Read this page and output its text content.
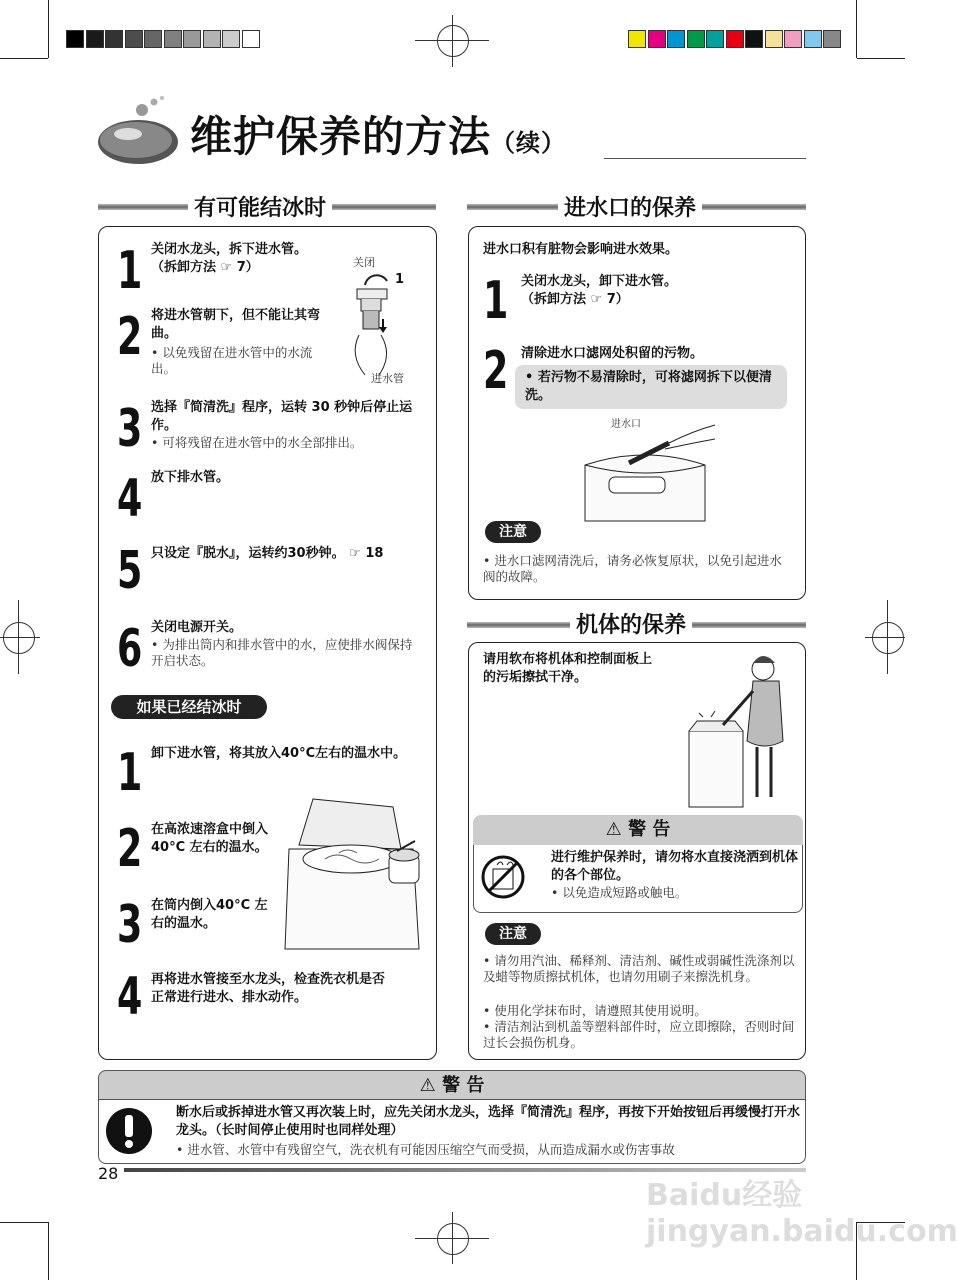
维护保养的方法（续）
有可能结冰时
1 关闭水龙头，拆下进水管。
（拆卸方法 ☞ 7）	关闭
1
进水管
2 将进水管朝下，但不能让其弯曲。
• 以免残留在进水管中的水流出。
3 选择『简清洗』程序，运转 30 秒钟后停止运作。
• 可将残留在进水管中的水全部排出。
4 放下排水管。
5 只设定『脱水』，运转约30秒钟。 ☞ 18
6 关闭电源开关。
• 为排出筒内和排水管中的水，应使排水阀保持开启状态。
如果已经结冰时
1 卸下进水管，将其放入40°C左右的温水中。
2 在高浓速溶盒中倒入40°C 左右的温水。
3 在筒内倒入40°C 左右的温水。
4 再将进水管接至水龙头，检查洗衣机是否正常进行进水、排水动作。
进水口的保养
进水口积有脏物会影响进水效果。
1 关闭水龙头，卸下进水管。
（拆卸方法 ☞ 7）
2 清除进水口滤网处积留的污物。
• 若污物不易清除时，可将滤网拆下以便清洗。
进水口
注意
• 进水口滤网清洗后，请务必恢复原状，以免引起进水阀的故障。
机体的保养
请用软布将机体和控制面板上的污垢擦拭干净。
⚠ 警 告
进行维护保养时，请勿将水直接浇洒到机体的各个部位。
• 以免造成短路或触电。
注意
• 请勿用汽油、稀释剂、清洁剂、碱性或弱碱性洗涤剂以及蜡等物质擦拭机体，也请勿用刷子来擦洗机身。
• 使用化学抹布时，请遵照其使用说明。
• 清洁剂沾到机盖等塑料部件时，应立即擦除，否则时间过长会损伤机身。
⚠ 警 告
断水后或拆掉进水管又再次装上时，应先关闭水龙头，选择『简清洗』程序，再按下开始按钮后再缓慢打开水龙头。（长时间停止使用时也同样处理）
• 进水管、水管中有残留空气，洗衣机有可能因压缩空气而受损，从而造成漏水或伤害事故
28
Baidu经验 jingyan.baidu.com
